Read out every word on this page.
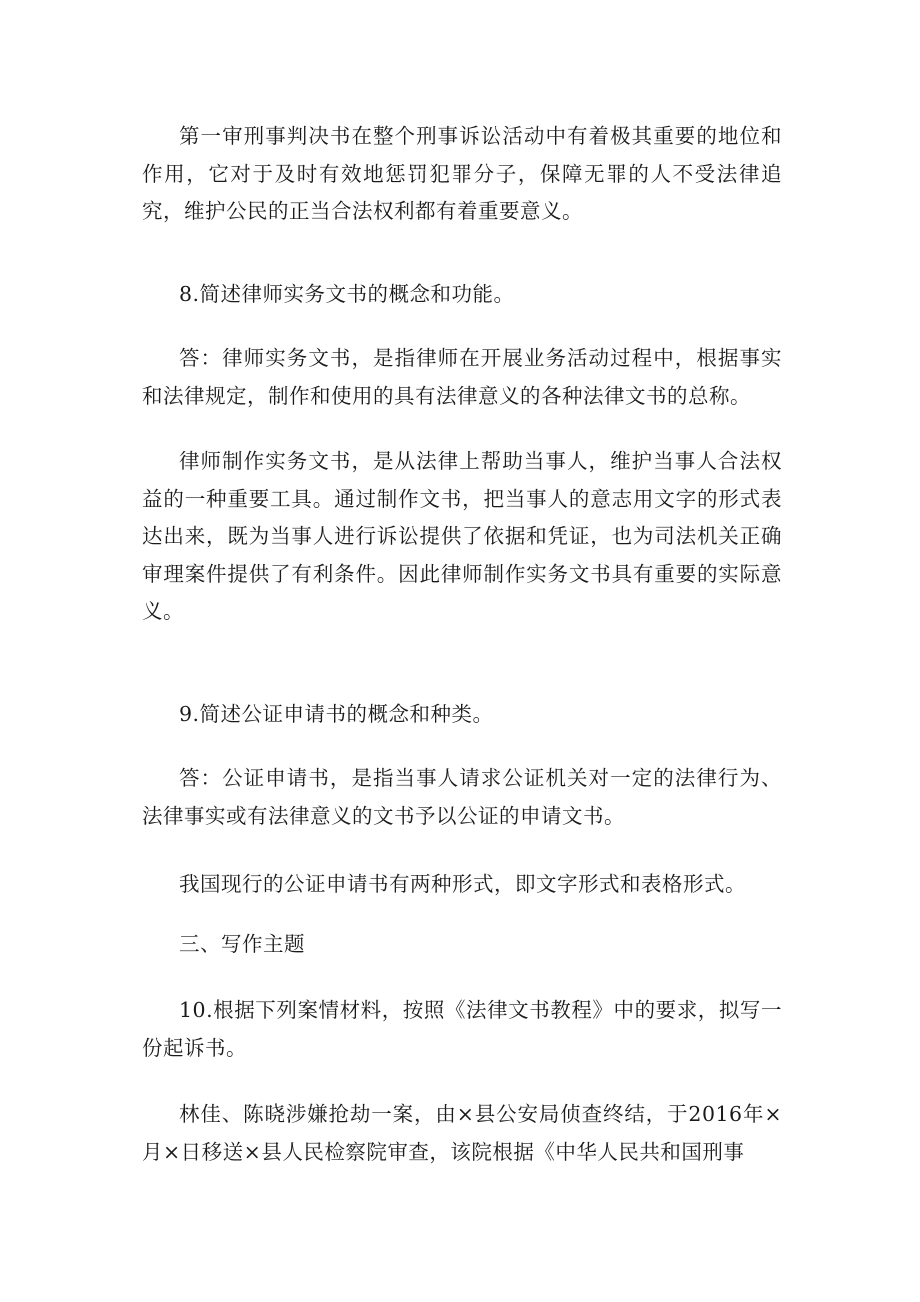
第一审刑事判决书在整个刑事诉讼活动中有着极其重要的地位和作用，它对于及时有效地惩罚犯罪分子，保障无罪的人不受法律追究，维护公民的正当合法权利都有着重要意义。

8.简述律师实务文书的概念和功能。

答：律师实务文书，是指律师在开展业务活动过程中，根据事实和法律规定，制作和使用的具有法律意义的各种法律文书的总称。

律师制作实务文书，是从法律上帮助当事人，维护当事人合法权益的一种重要工具。通过制作文书，把当事人的意志用文字的形式表达出来，既为当事人进行诉讼提供了依据和凭证，也为司法机关正确审理案件提供了有利条件。因此律师制作实务文书具有重要的实际意义。

9.简述公证申请书的概念和种类。

答：公证申请书，是指当事人请求公证机关对一定的法律行为、法律事实或有法律意义的文书予以公证的申请文书。

我国现行的公证申请书有两种形式，即文字形式和表格形式。

三、写作主题

10.根据下列案情材料，按照《法律文书教程》中的要求，拟写一份起诉书。

林佳、陈晓涉嫌抢劫一案，由×县公安局侦查终结，于2016年×月×日移送×县人民检察院审查，该院根据《中华人民共和国刑事
